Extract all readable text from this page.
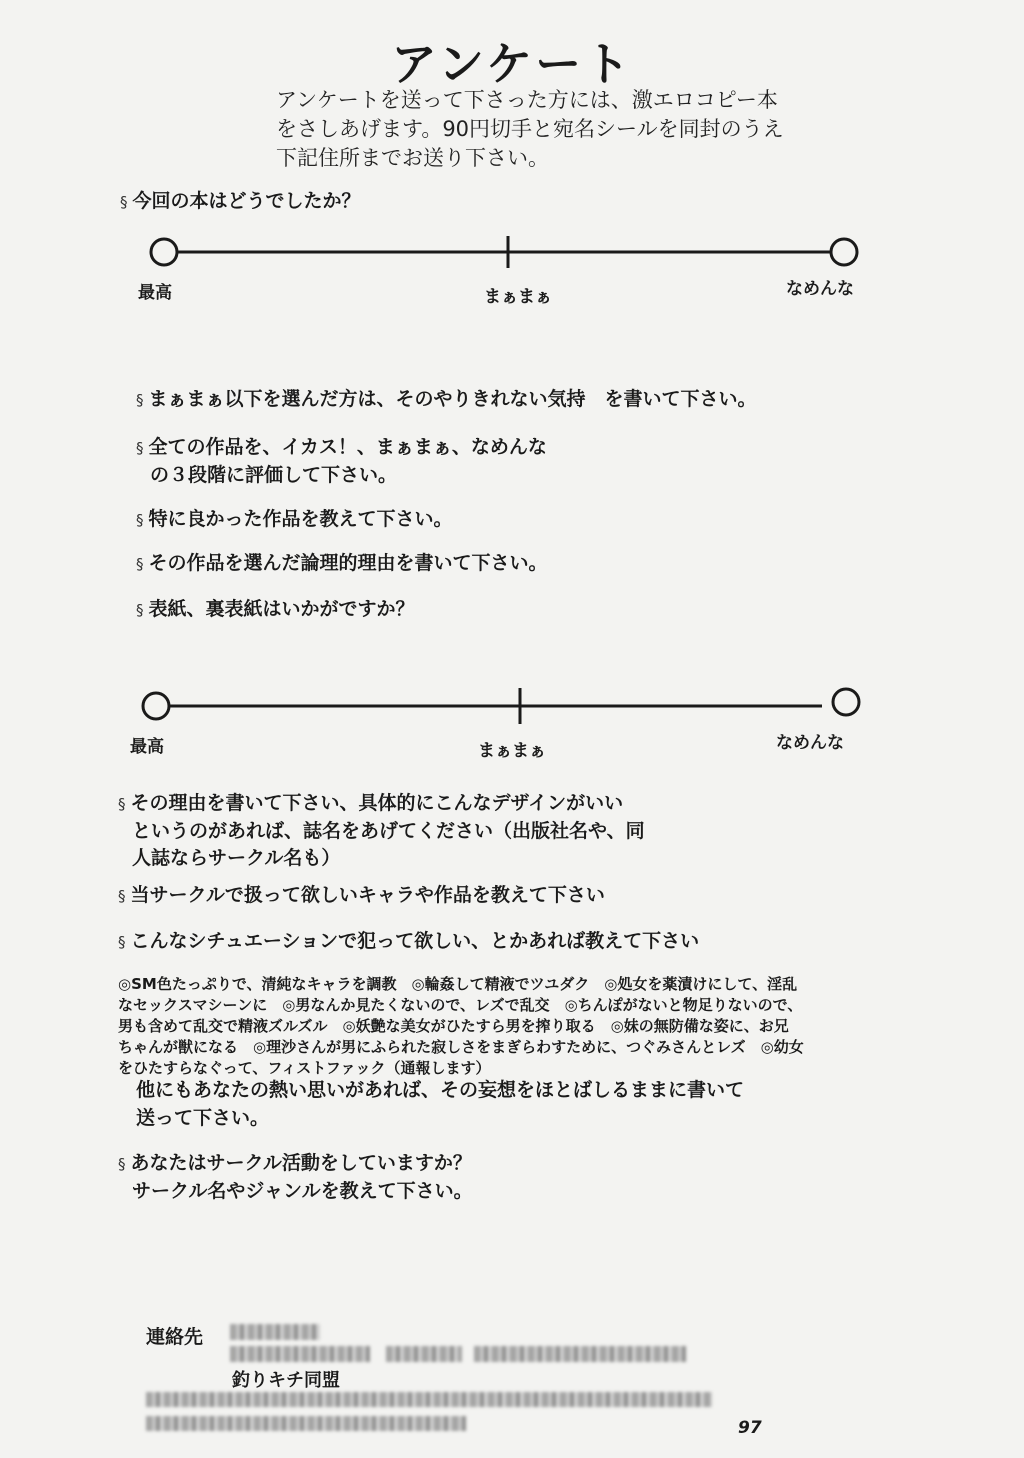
アンケート
アンケートを送って下さった方には、激エロコピー本
をさしあげます。90円切手と宛名シールを同封のうえ
下記住所までお送り下さい。
§ 今回の本はどうでしたか？
最高	まぁまぁ	なめんな
§ まぁまぁ以下を選んだ方は、そのやりきれない気持　を書いて下さい。
§ 全ての作品を、イカス！、まぁまぁ、なめんな
の３段階に評価して下さい。
§ 特に良かった作品を教えて下さい。
§ その作品を選んだ論理的理由を書いて下さい。
§ 表紙、裏表紙はいかがですか？
最高	まぁまぁ	なめんな
§ その理由を書いて下さい、具体的にこんなデザインがいい
というのがあれば、誌名をあげてください（出版社名や、同
人誌ならサークル名も）
§ 当サークルで扱って欲しいキャラや作品を教えて下さい
§ こんなシチュエーションで犯って欲しい、とかあれば教えて下さい
◎SM色たっぷりで、清純なキャラを調教　◎輪姦して精液でツユダク　◎処女を薬漬けにして、淫乱
なセックスマシーンに　◎男なんか見たくないので、レズで乱交　◎ちんぽがないと物足りないので、
男も含めて乱交で精液ズルズル　◎妖艶な美女がひたすら男を搾り取る　◎妹の無防備な姿に、お兄
ちゃんが獣になる　◎理沙さんが男にふられた寂しさをまぎらわすために、つぐみさんとレズ　◎幼女
をひたすらなぐって、フィストファック（通報します）
他にもあなたの熱い思いがあれば、その妄想をほとばしるままに書いて
送って下さい。
§ あなたはサークル活動をしていますか？
サークル名やジャンルを教えて下さい。
連絡先
釣りキチ同盟
97
